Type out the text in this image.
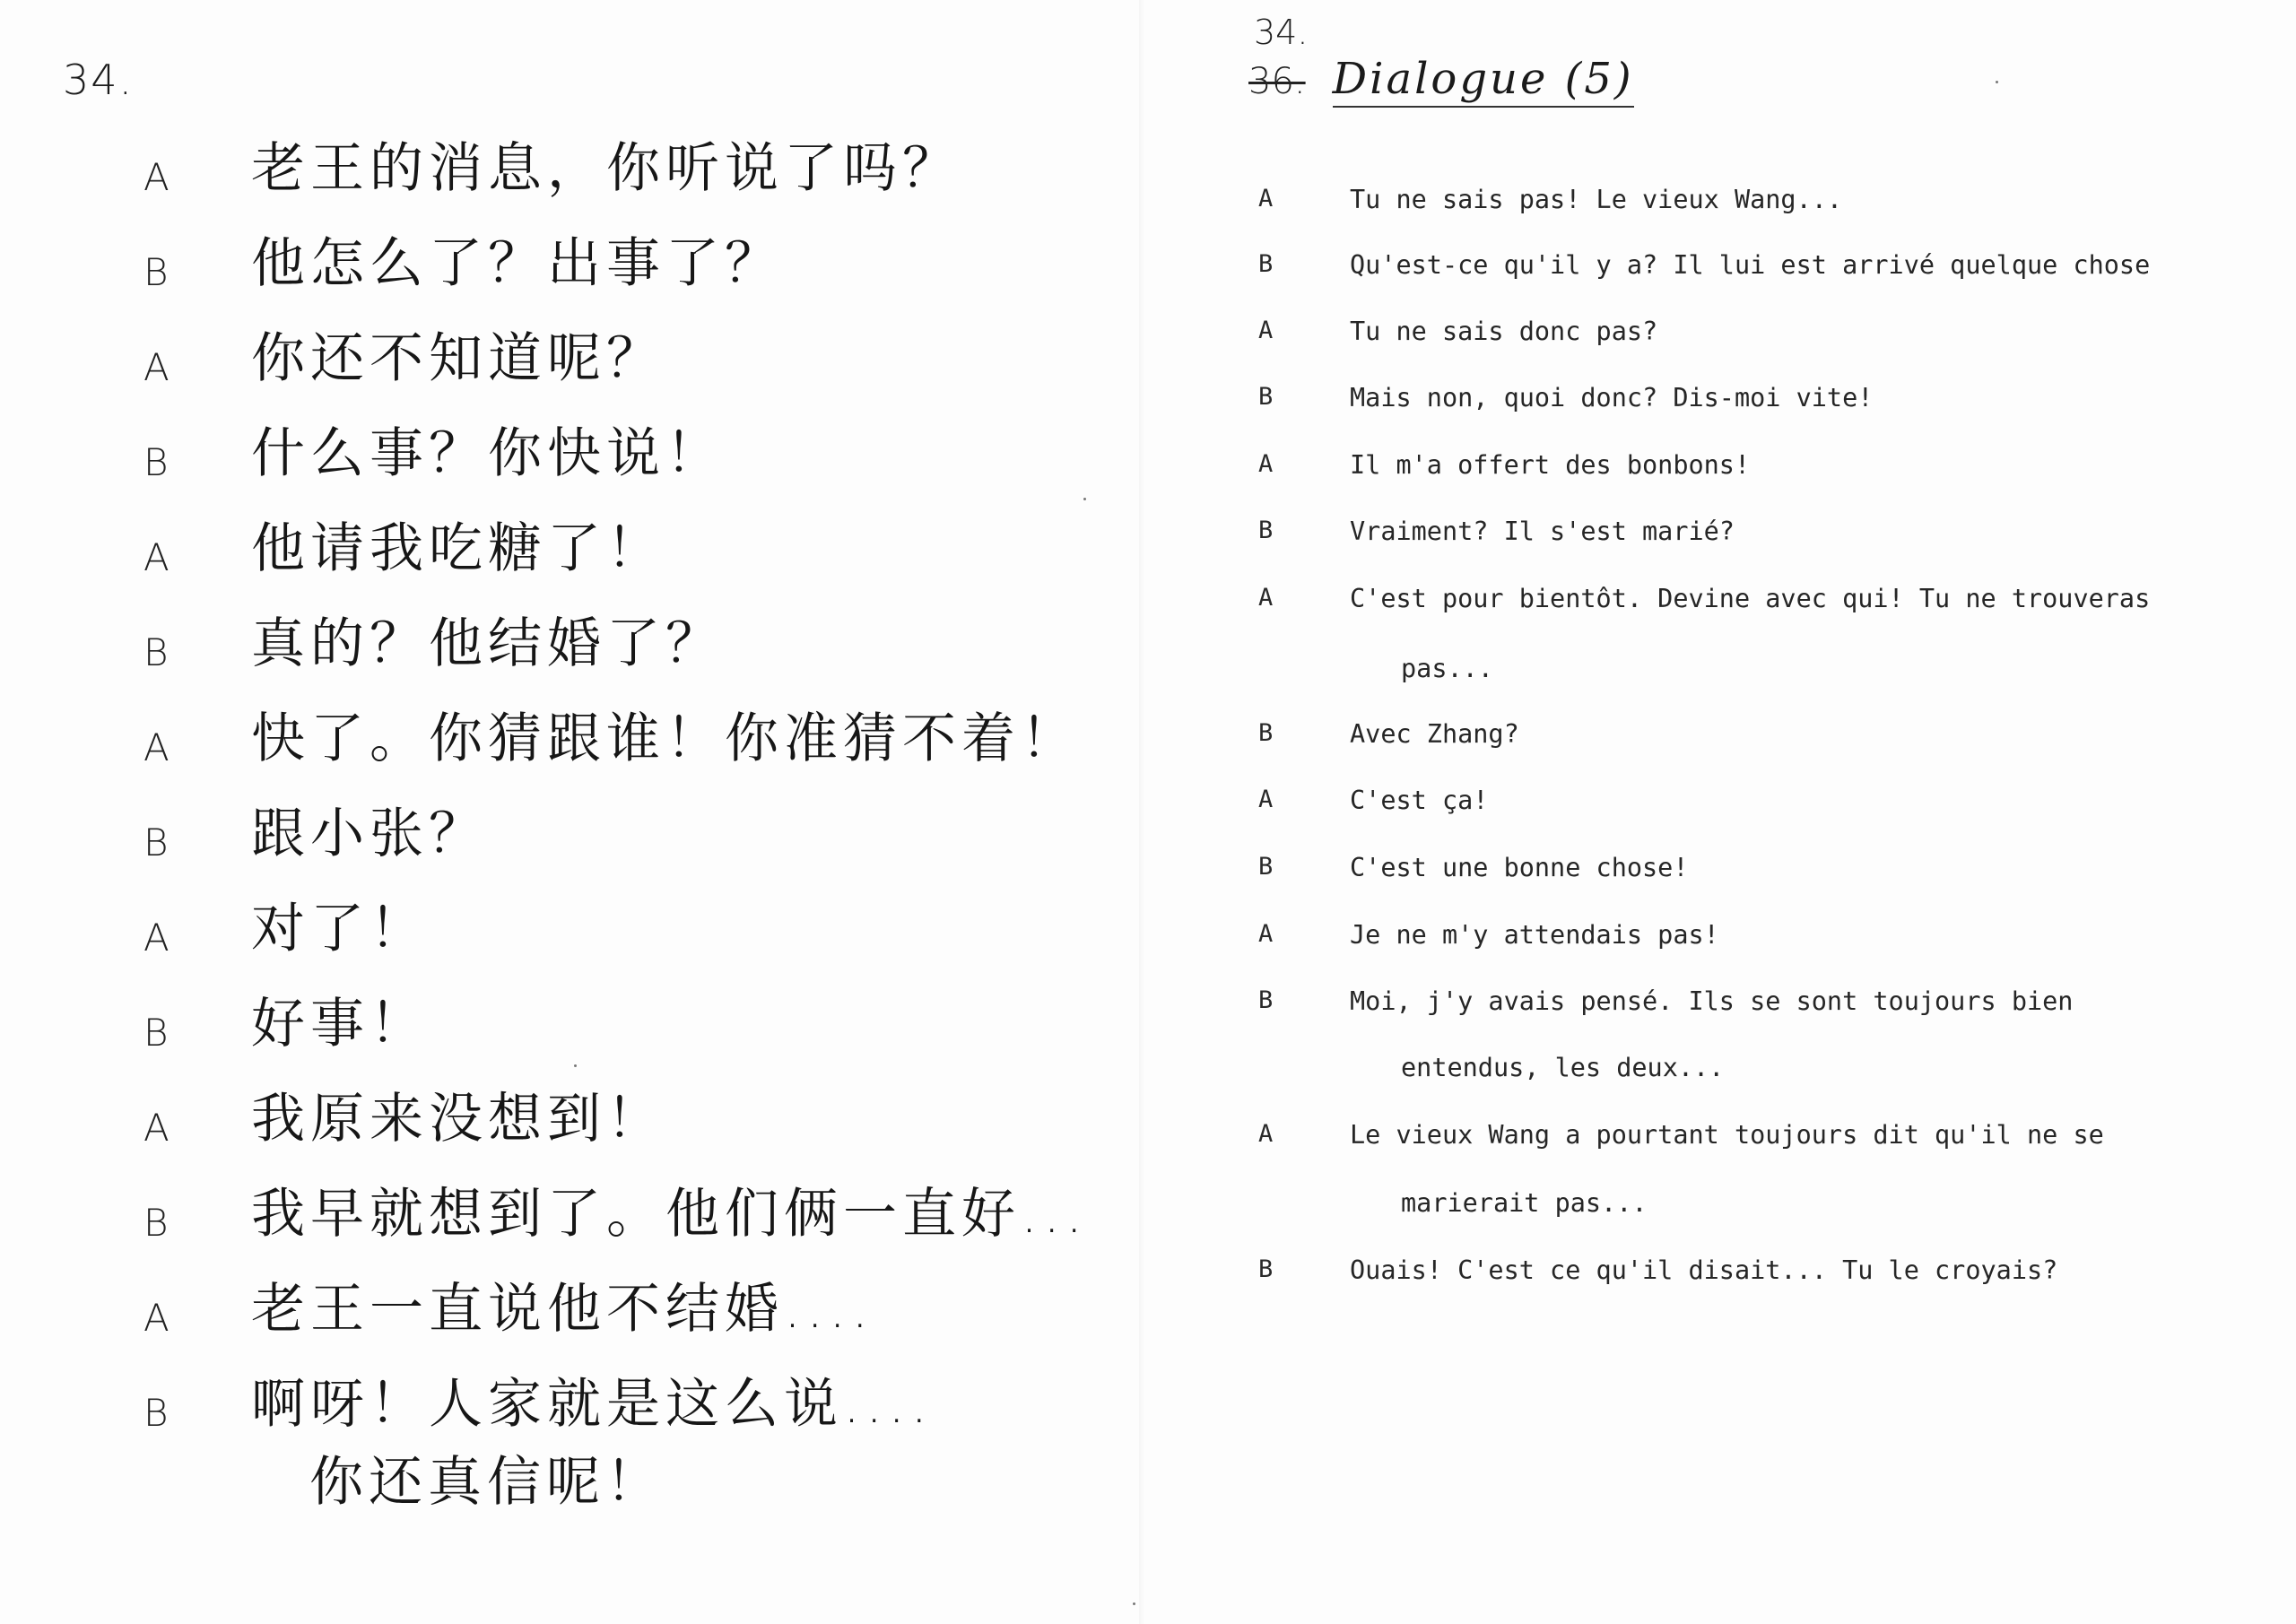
34.
A 老王的消息，你听说了吗？
B 他怎么了？出事了？
A 你还不知道呢？
B 什么事？你快说！
A 他请我吃糖了！
B 真的？他结婚了？
A 快了。你猜跟谁！你准猜不着！
B 跟小张？
A 对了！
B 好事！
A 我原来没想到！
B 我早就想到了。他们俩一直好...
A 老王一直说他不结婚....
B 啊呀！人家就是这么说....
你还真信呢！
34.
36. Dialogue (5)
A	Tu ne sais pas! Le vieux Wang...
B	Qu'est-ce qu'il y a? Il lui est arrivé quelque chose
A	Tu ne sais donc pas?
B	Mais non, quoi donc? Dis-moi vite!
A	Il m'a offert des bonbons!
B	Vraiment? Il s'est marié?
A	C'est pour bientôt. Devine avec qui! Tu ne trouveras
pas...
B	Avec Zhang?
A	C'est ça!
B	C'est une bonne chose!
A	Je ne m'y attendais pas!
B	Moi, j'y avais pensé. Ils se sont toujours bien
entendus, les deux...
A	Le vieux Wang a pourtant toujours dit qu'il ne se
marierait pas...
B	Ouais! C'est ce qu'il disait... Tu le croyais?
